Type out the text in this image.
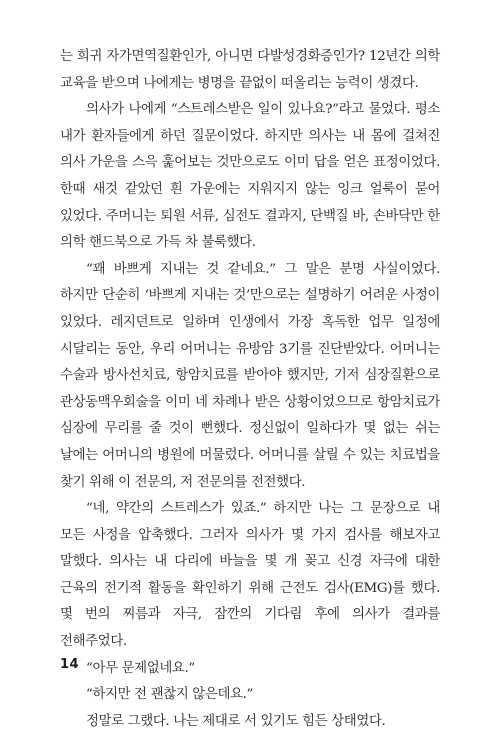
는 희귀 자가면역질환인가, 아니면 다발성경화증인가? 12년간 의학 교육을 받으며 나에게는 병명을 끝없이 떠올리는 능력이 생겼다.

의사가 나에게 “스트레스받은 일이 있나요?”라고 물었다. 평소 내가 환자들에게 하던 질문이었다. 하지만 의사는 내 몸에 걸쳐진 의사 가운을 스윽 훑어보는 것만으로도 이미 답을 얻은 표정이었다. 한때 새것 같았던 흰 가운에는 지워지지 않는 잉크 얼룩이 묻어 있었다. 주머니는 퇴원 서류, 심전도 결과지, 단백질 바, 손바닥만 한 의학 핸드북으로 가득 차 불룩했다.

“꽤 바쁘게 지내는 것 같네요.” 그 말은 분명 사실이었다. 하지만 단순히 ‘바쁘게 지내는 것’만으로는 설명하기 어려운 사정이 있었다. 레지던트로 일하며 인생에서 가장 혹독한 업무 일정에 시달리는 동안, 우리 어머니는 유방암 3기를 진단받았다. 어머니는 수술과 방사선치료, 항암치료를 받아야 했지만, 기저 심장질환으로 관상동맥우회술을 이미 네 차례나 받은 상황이었으므로 항암치료가 심장에 무리를 줄 것이 뻔했다. 정신없이 일하다가 몇 없는 쉬는 날에는 어머니의 병원에 머물렀다. 어머니를 살릴 수 있는 치료법을 찾기 위해 이 전문의, 저 전문의를 전전했다.

“네, 약간의 스트레스가 있죠.” 하지만 나는 그 문장으로 내 모든 사정을 압축했다. 그러자 의사가 몇 가지 검사를 해보자고 말했다. 의사는 내 다리에 바늘을 몇 개 꽂고 신경 자극에 대한 근육의 전기적 활동을 확인하기 위해 근전도 검사(EMG)를 했다. 몇 번의 찌름과 자극, 잠깐의 기다림 후에 의사가 결과를 전해주었다.

“아무 문제없네요.”

“하지만 전 괜찮지 않은데요.”

정말로 그랬다. 나는 제대로 서 있기도 힘든 상태였다.

14
